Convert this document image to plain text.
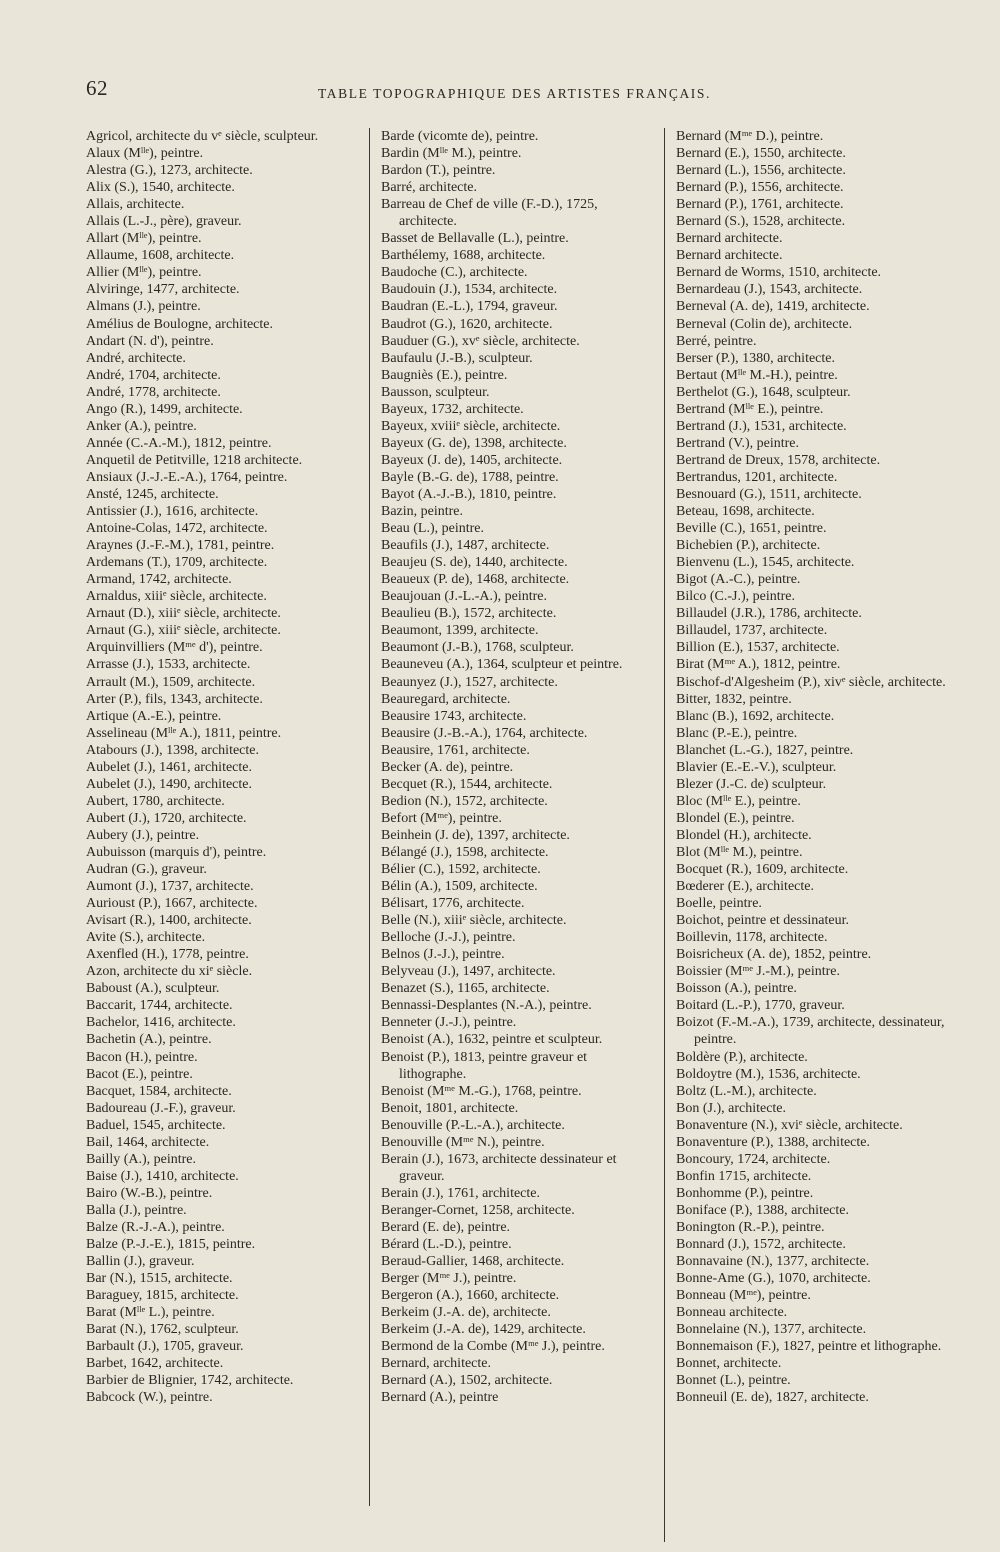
62	TABLE TOPOGRAPHIQUE DES ARTISTES FRANÇAIS.
Agricol, architecte du vᵉ siècle, sculpteur.
Alaux (Mˡˡᵉ), peintre.
Alestra (G.), 1273, architecte.
Alix (S.), 1540, architecte.
Allais, architecte.
Allais (L.-J., père), graveur.
Allart (Mˡˡᵉ), peintre.
Allaume, 1608, architecte.
Allier (Mˡˡᵉ), peintre.
Alviringe, 1477, architecte.
Almans (J.), peintre.
Amélius de Boulogne, architecte.
Andart (N. d'), peintre.
André, architecte.
André, 1704, architecte.
André, 1778, architecte.
Ango (R.), 1499, architecte.
Anker (A.), peintre.
Année (C.-A.-M.), 1812, peintre.
Anquetil de Petitville, 1218 architecte.
Ansiaux (J.-J.-E.-A.), 1764, peintre.
Ansté, 1245, architecte.
Antissier (J.), 1616, architecte.
Antoine-Colas, 1472, architecte.
Araynes (J.-F.-M.), 1781, peintre.
Ardemans (T.), 1709, architecte.
Armand, 1742, architecte.
Arnaldus, xiiiᵉ siècle, architecte.
Arnaut (D.), xiiiᵉ siècle, architecte.
Arnaut (G.), xiiiᵉ siècle, architecte.
Arquinvilliers (Mᵐᵉ d'), peintre.
Arrasse (J.), 1533, architecte.
Arrault (M.), 1509, architecte.
Arter (P.), fils, 1343, architecte.
Artique (A.-E.), peintre.
Asselineau (Mˡˡᵉ A.), 1811, peintre.
Atabours (J.), 1398, architecte.
Aubelet (J.), 1461, architecte.
Aubelet (J.), 1490, architecte.
Aubert, 1780, architecte.
Aubert (J.), 1720, architecte.
Aubery (J.), peintre.
Aubuisson (marquis d'), peintre.
Audran (G.), graveur.
Aumont (J.), 1737, architecte.
Aurioust (P.), 1667, architecte.
Avisart (R.), 1400, architecte.
Avite (S.), architecte.
Axenfled (H.), 1778, peintre.
Azon, architecte du xiᵉ siècle.
Baboust (A.), sculpteur.
Baccarit, 1744, architecte.
Bachelor, 1416, architecte.
Bachetin (A.), peintre.
Bacon (H.), peintre.
Bacot (E.), peintre.
Bacquet, 1584, architecte.
Badoureau (J.-F.), graveur.
Baduel, 1545, architecte.
Bail, 1464, architecte.
Bailly (A.), peintre.
Baise (J.), 1410, architecte.
Bairo (W.-B.), peintre.
Balla (J.), peintre.
Balze (R.-J.-A.), peintre.
Balze (P.-J.-E.), 1815, peintre.
Ballin (J.), graveur.
Bar (N.), 1515, architecte.
Baraguey, 1815, architecte.
Barat (Mˡˡᵉ L.), peintre.
Barat (N.), 1762, sculpteur.
Barbault (J.), 1705, graveur.
Barbet, 1642, architecte.
Barbier de Blignier, 1742, architecte.
Babcock (W.), peintre.
Barde (vicomte de), peintre.
Bardin (Mˡˡᵉ M.), peintre.
Bardon (T.), peintre.
Barré, architecte.
Barreau de Chef de ville (F.-D.), 1725, architecte.
Basset de Bellavalle (L.), peintre.
Barthélemy, 1688, architecte.
Baudoche (C.), architecte.
Baudouin (J.), 1534, architecte.
Baudran (E.-L.), 1794, graveur.
Baudrot (G.), 1620, architecte.
Bauduer (G.), xvᵉ siècle, architecte.
Baufaulu (J.-B.), sculpteur.
Baugniès (E.), peintre.
Bausson, sculpteur.
Bayeux, 1732, architecte.
Bayeux, xviiiᵉ siècle, architecte.
Bayeux (G. de), 1398, architecte.
Bayeux (J. de), 1405, architecte.
Bayle (B.-G. de), 1788, peintre.
Bayot (A.-J.-B.), 1810, peintre.
Bazin, peintre.
Beau (L.), peintre.
Beaufils (J.), 1487, architecte.
Beaujeu (S. de), 1440, architecte.
Beaueux (P. de), 1468, architecte.
Beaujouan (J.-L.-A.), peintre.
Beaulieu (B.), 1572, architecte.
Beaumont, 1399, architecte.
Beaumont (J.-B.), 1768, sculpteur.
Beauneveu (A.), 1364, sculpteur et peintre.
Beaunyez (J.), 1527, architecte.
Beauregard, architecte.
Beausire 1743, architecte.
Beausire (J.-B.-A.), 1764, architecte.
Beausire, 1761, architecte.
Becker (A. de), peintre.
Becquet (R.), 1544, architecte.
Bedion (N.), 1572, architecte.
Befort (Mᵐᵉ), peintre.
Beinhein (J. de), 1397, architecte.
Bélangé (J.), 1598, architecte.
Bélier (C.), 1592, architecte.
Bélin (A.), 1509, architecte.
Bélisart, 1776, architecte.
Belle (N.), xiiiᵉ siècle, architecte.
Belloche (J.-J.), peintre.
Belnos (J.-J.), peintre.
Belyveau (J.), 1497, architecte.
Benazet (S.), 1165, architecte.
Bennassi-Desplantes (N.-A.), peintre.
Benneter (J.-J.), peintre.
Benoist (A.), 1632, peintre et sculpteur.
Benoist (P.), 1813, peintre graveur et lithographe.
Benoist (Mᵐᵉ M.-G.), 1768, peintre.
Benoit, 1801, architecte.
Benouville (P.-L.-A.), architecte.
Benouville (Mᵐᵉ N.), peintre.
Berain (J.), 1673, architecte dessinateur et graveur.
Berain (J.), 1761, architecte.
Beranger-Cornet, 1258, architecte.
Berard (E. de), peintre.
Bérard (L.-D.), peintre.
Beraud-Gallier, 1468, architecte.
Berger (Mᵐᵉ J.), peintre.
Bergeron (A.), 1660, architecte.
Berkeim (J.-A. de), architecte.
Berkeim (J.-A. de), 1429, architecte.
Bermond de la Combe (Mᵐᵉ J.), peintre.
Bernard, architecte.
Bernard (A.), 1502, architecte.
Bernard (A.), peintre
Bernard (Mᵐᵉ D.), peintre.
Bernard (E.), 1550, architecte.
Bernard (L.), 1556, architecte.
Bernard (P.), 1556, architecte.
Bernard (P.), 1761, architecte.
Bernard (S.), 1528, architecte.
Bernard architecte.
Bernard architecte.
Bernard de Worms, 1510, architecte.
Bernardeau (J.), 1543, architecte.
Berneval (A. de), 1419, architecte.
Berneval (Colin de), architecte.
Berré, peintre.
Berser (P.), 1380, architecte.
Bertaut (Mˡˡᵉ M.-H.), peintre.
Berthelot (G.), 1648, sculpteur.
Bertrand (Mˡˡᵉ E.), peintre.
Bertrand (J.), 1531, architecte.
Bertrand (V.), peintre.
Bertrand de Dreux, 1578, architecte.
Bertrandus, 1201, architecte.
Besnouard (G.), 1511, architecte.
Beteau, 1698, architecte.
Beville (C.), 1651, peintre.
Bichebien (P.), architecte.
Bienvenu (L.), 1545, architecte.
Bigot (A.-C.), peintre.
Bilco (C.-J.), peintre.
Billaudel (J.R.), 1786, architecte.
Billaudel, 1737, architecte.
Billion (E.), 1537, architecte.
Birat (Mᵐᵉ A.), 1812, peintre.
Bischof-d'Algesheim (P.), xivᵉ siècle, architecte.
Bitter, 1832, peintre.
Blanc (B.), 1692, architecte.
Blanc (P.-E.), peintre.
Blanchet (L.-G.), 1827, peintre.
Blavier (E.-E.-V.), sculpteur.
Blezer (J.-C. de) sculpteur.
Bloc (Mˡˡᵉ E.), peintre.
Blondel (E.), peintre.
Blondel (H.), architecte.
Blot (Mˡˡᵉ M.), peintre.
Bocquet (R.), 1609, architecte.
Bœderer (E.), architecte.
Boelle, peintre.
Boichot, peintre et dessinateur.
Boillevin, 1178, architecte.
Boisricheux (A. de), 1852, peintre.
Boissier (Mᵐᵉ J.-M.), peintre.
Boisson (A.), peintre.
Boitard (L.-P.), 1770, graveur.
Boizot (F.-M.-A.), 1739, architecte, dessinateur, peintre.
Boldère (P.), architecte.
Boldoytre (M.), 1536, architecte.
Boltz (L.-M.), architecte.
Bon (J.), architecte.
Bonaventure (N.), xviᵉ siècle, architecte.
Bonaventure (P.), 1388, architecte.
Boncoury, 1724, architecte.
Bonfin 1715, architecte.
Bonhomme (P.), peintre.
Boniface (P.), 1388, architecte.
Bonington (R.-P.), peintre.
Bonnard (J.), 1572, architecte.
Bonnavaine (N.), 1377, architecte.
Bonne-Ame (G.), 1070, architecte.
Bonneau (Mᵐᵉ), peintre.
Bonneau architecte.
Bonnelaine (N.), 1377, architecte.
Bonnemaison (F.), 1827, peintre et lithographe.
Bonnet, architecte.
Bonnet (L.), peintre.
Bonneuil (E. de), 1827, architecte.
